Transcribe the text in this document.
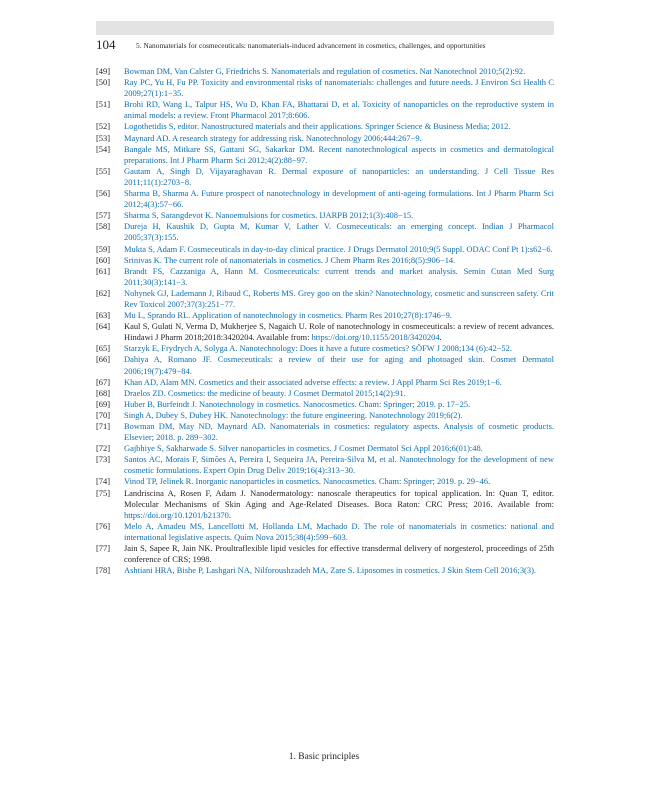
104	5. Nanomaterials for cosmeceuticals: nanomaterials-induced advancement in cosmetics, challenges, and opportunities
[49] Bowman DM, Van Calster G, Friedrichs S. Nanomaterials and regulation of cosmetics. Nat Nanotechnol 2010;5(2):92.
[50] Ray PC, Yu H, Fu PP. Toxicity and environmental risks of nanomaterials: challenges and future needs. J Environ Sci Health C 2009;27(1):1−35.
[51] Brohi RD, Wang L, Talpur HS, Wu D, Khan FA, Bhattarai D, et al. Toxicity of nanoparticles on the reproductive system in animal models: a review. Front Pharmacol 2017;8:606.
[52] Logothetidis S, editor. Nanostructured materials and their applications. Springer Science & Business Media; 2012.
[53] Maynard AD. A research strategy for addressing risk. Nanotechnology 2006;444:267−9.
[54] Bangale MS, Mitkare SS, Gattani SG, Sakarkar DM. Recent nanotechnological aspects in cosmetics and dermatological preparations. Int J Pharm Pharm Sci 2012;4(2):88−97.
[55] Gautam A, Singh D, Vijayaraghavan R. Dermal exposure of nanoparticles: an understanding. J Cell Tissue Res 2011;11(1):2703−8.
[56] Sharma B, Sharma A. Future prospect of nanotechnology in development of anti-ageing formulations. Int J Pharm Pharm Sci 2012;4(3):57−66.
[57] Sharma S, Sarangdevot K. Nanoemulsions for cosmetics. IJARPB 2012;1(3):408−15.
[58] Dureja H, Kaushik D, Gupta M, Kumar V, Lather V. Cosmeceuticals: an emerging concept. Indian J Pharmacol 2005;37(3):155.
[59] Mukta S, Adam F. Cosmeceuticals in day-to-day clinical practice. J Drugs Dermatol 2010;9(5 Suppl. ODAC Conf Pt 1):s62−6.
[60] Srinivas K. The current role of nanomaterials in cosmetics. J Chem Pharm Res 2016;8(5):906−14.
[61] Brandt FS, Cazzaniga A, Hann M. Cosmeceuticals: current trends and market analysis. Semin Cutan Med Surg 2011;30(3):141−3.
[62] Nohynek GJ, Lademann J, Ribaud C, Roberts MS. Grey goo on the skin? Nanotechnology, cosmetic and sunscreen safety. Crit Rev Toxicol 2007;37(3):251−77.
[63] Mu L, Sprando RL. Application of nanotechnology in cosmetics. Pharm Res 2010;27(8):1746−9.
[64] Kaul S, Gulati N, Verma D, Mukherjee S, Nagaich U. Role of nanotechnology in cosmeceuticals: a review of recent advances. Hindawi J Pharm 2018;2018:3420204. Available from: https://doi.org/10.1155/2018/3420204.
[65] Starzyk E, Frydrych A, Solyga A. Nanotechnology: Does it have a future cosmetics? SÖFW J 2008;134 (6):42−52.
[66] Dahiya A, Romano JF. Cosmeceuticals: a review of their use for aging and photoaged skin. Cosmet Dermatol 2006;19(7):479−84.
[67] Khan AD, Alam MN. Cosmetics and their associated adverse effects: a review. J Appl Pharm Sci Res 2019;1−6.
[68] Draelos ZD. Cosmetics: the medicine of beauty. J Cosmet Dermatol 2015;14(2):91.
[69] Huber B, Burfeindt J. Nanotechnology in cosmetics. Nanocosmetics. Cham: Springer; 2019. p. 17−25.
[70] Singh A, Dubey S, Dubey HK. Nanotechnology: the future engineering. Nanotechnology 2019;6(2).
[71] Bowman DM, May ND, Maynard AD. Nanomaterials in cosmetics: regulatory aspects. Analysis of cosmetic products. Elsevier; 2018. p. 289−302.
[72] Gajbhiye S, Sakharwade S. Silver nanoparticles in cosmetics. J Cosmet Dermatol Sci Appl 2016;6(01):48.
[73] Santos AC, Morais F, Simões A, Pereira I, Sequeira JA, Pereira-Silva M, et al. Nanotechnology for the development of new cosmetic formulations. Expert Opin Drug Deliv 2019;16(4):313−30.
[74] Vinod TP, Jelinek R. Inorganic nanoparticles in cosmetics. Nanocosmetics. Cham: Springer; 2019. p. 29−46.
[75] Landriscina A, Rosen F, Adam J. Nanodermatology: nanoscale therapeutics for topical application. In: Quan T, editor. Molecular Mechanisms of Skin Aging and Age-Related Diseases. Boca Raton: CRC Press; 2016. Available from: https://doi.org/10.1201/b21370.
[76] Melo A, Amadeu MS, Lancellotti M, Hollanda LM, Machado D. The role of nanomaterials in cosmetics: national and international legislative aspects. Quím Nova 2015;38(4):599−603.
[77] Jain S, Sapee R, Jain NK. Proultraflexible lipid vesicles for effective transdermal delivery of norgesterol, proceedings of 25th conference of CRS; 1998.
[78] Ashtiani HRA, Bishe P, Lashgari NA, Nilforoushzadeh MA, Zare S. Liposomes in cosmetics. J Skin Stem Cell 2016;3(3).
1. Basic principles
